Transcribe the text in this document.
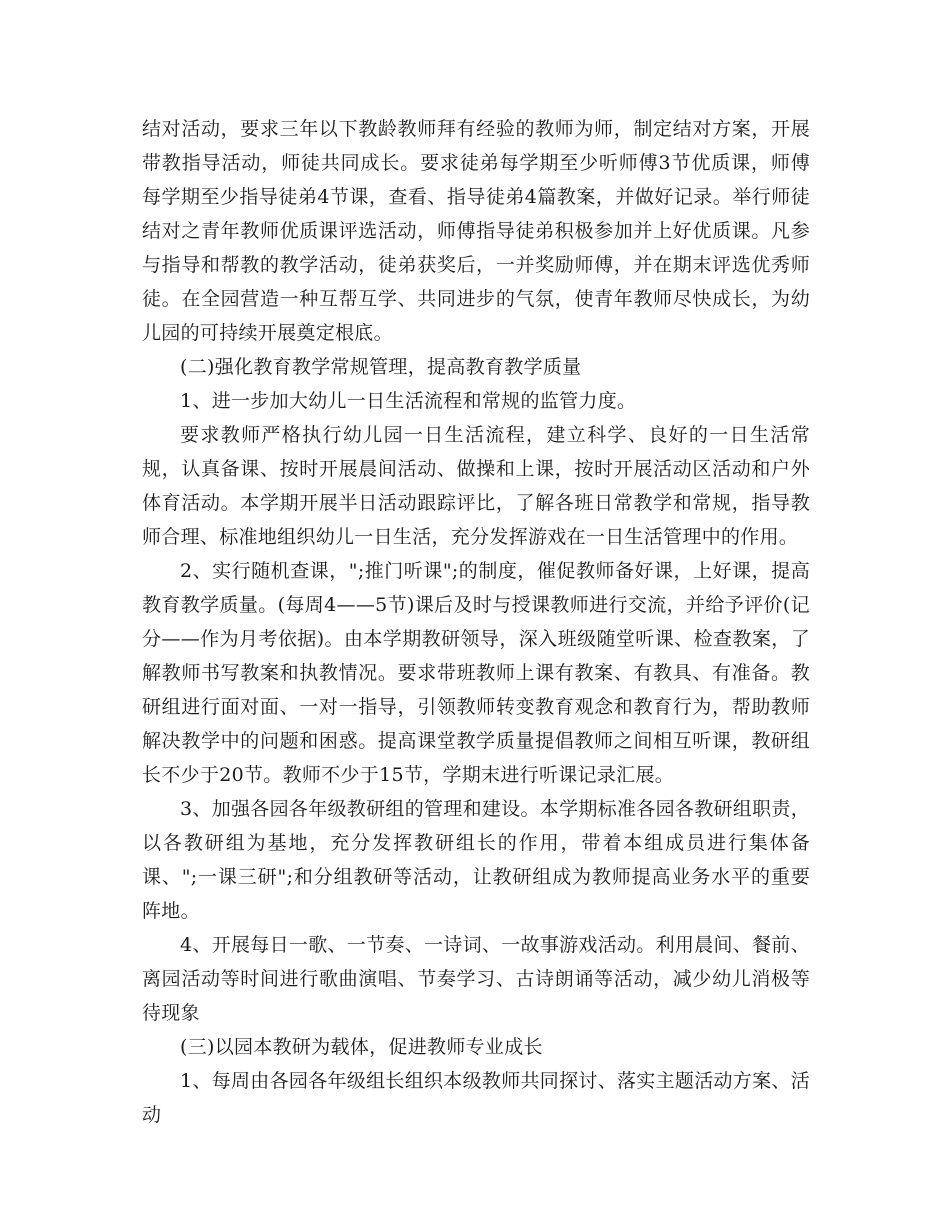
结对活动，要求三年以下教龄教师拜有经验的教师为师，制定结对方案，开展带教指导活动，师徒共同成长。要求徒弟每学期至少听师傅3节优质课，师傅每学期至少指导徒弟4节课，查看、指导徒弟4篇教案，并做好记录。举行师徒结对之青年教师优质课评选活动，师傅指导徒弟积极参加并上好优质课。凡参与指导和帮教的教学活动，徒弟获奖后，一并奖励师傅，并在期末评选优秀师徒。在全园营造一种互帮互学、共同进步的气氛，使青年教师尽快成长，为幼儿园的可持续开展奠定根底。

(二)强化教育教学常规管理，提高教育教学质量

1、进一步加大幼儿一日生活流程和常规的监管力度。

要求教师严格执行幼儿园一日生活流程，建立科学、良好的一日生活常规，认真备课、按时开展晨间活动、做操和上课，按时开展活动区活动和户外体育活动。本学期开展半日活动跟踪评比，了解各班日常教学和常规，指导教师合理、标准地组织幼儿一日生活，充分发挥游戏在一日生活管理中的作用。

2、实行随机查课，";推门听课";的制度，催促教师备好课，上好课，提高教育教学质量。(每周4——5节)课后及时与授课教师进行交流，并给予评价(记分——作为月考依据)。由本学期教研领导，深入班级随堂听课、检查教案，了解教师书写教案和执教情况。要求带班教师上课有教案、有教具、有准备。教研组进行面对面、一对一指导，引领教师转变教育观念和教育行为，帮助教师解决教学中的问题和困惑。提高课堂教学质量提倡教师之间相互听课，教研组长不少于20节。教师不少于15节，学期末进行听课记录汇展。

3、加强各园各年级教研组的管理和建设。本学期标准各园各教研组职责，以各教研组为基地，充分发挥教研组长的作用，带着本组成员进行集体备课、";一课三研";和分组教研等活动，让教研组成为教师提高业务水平的重要阵地。

4、开展每日一歌、一节奏、一诗词、一故事游戏活动。利用晨间、餐前、离园活动等时间进行歌曲演唱、节奏学习、古诗朗诵等活动，减少幼儿消极等待现象

(三)以园本教研为载体，促进教师专业成长

1、每周由各园各年级组长组织本级教师共同探讨、落实主题活动方案、活动
